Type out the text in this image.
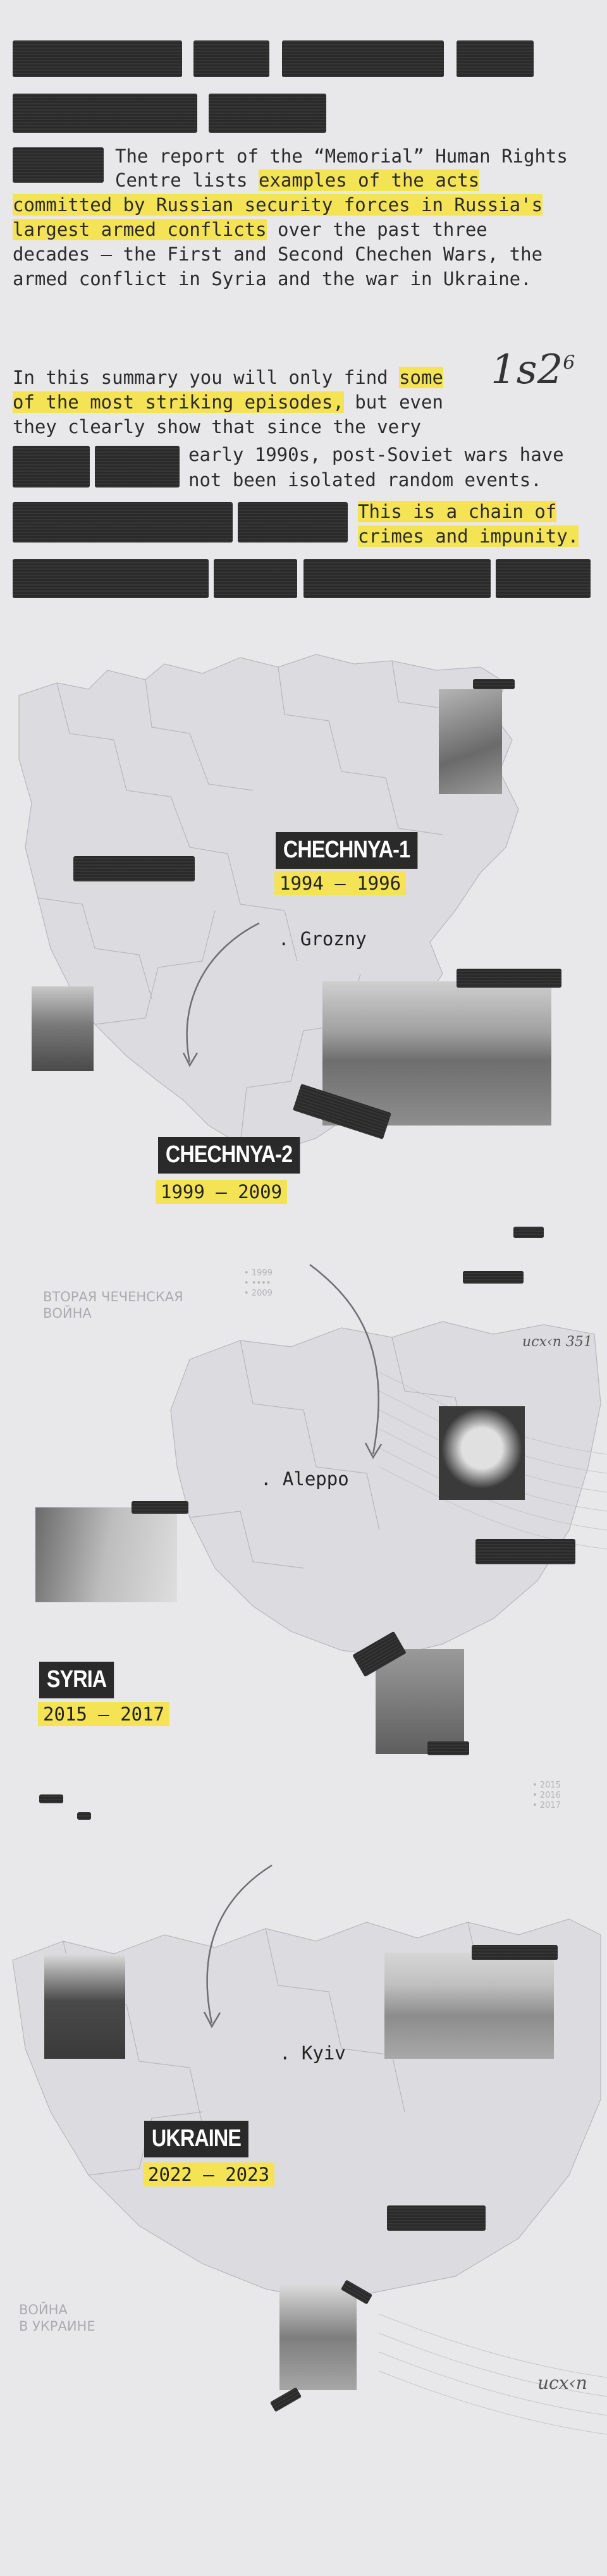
The report of the “Memorial” Human Rights
Centre lists examples of the acts
committed by Russian security forces in Russia's
largest armed conflicts over the past three
decades – the First and Second Chechen Wars, the
armed conflict in Syria and the war in Ukraine.
In this summary you will only find some
of the most striking episodes, but even
they clearly show that since the very
early 1990s, post-Soviet wars have
not been isolated random events.
This is a chain of
crimes and impunity.
$1s2^6$
ВТОРАЯ ЧЕЧЕНСКАЯ
ВОЙНА
• 1999
• ••••
• 2009
• 2015
• 2016
• 2017
ВОЙНА
В УКРАИНЕ
ucx‹n 351
ucx‹n
CHECHNYA-1
1994 – 1996
. Grozny
CHECHNYA-2
1999 – 2009
. Aleppo
SYRIA
2015 – 2017
. Kyiv
UKRAINE
2022 – 2023
